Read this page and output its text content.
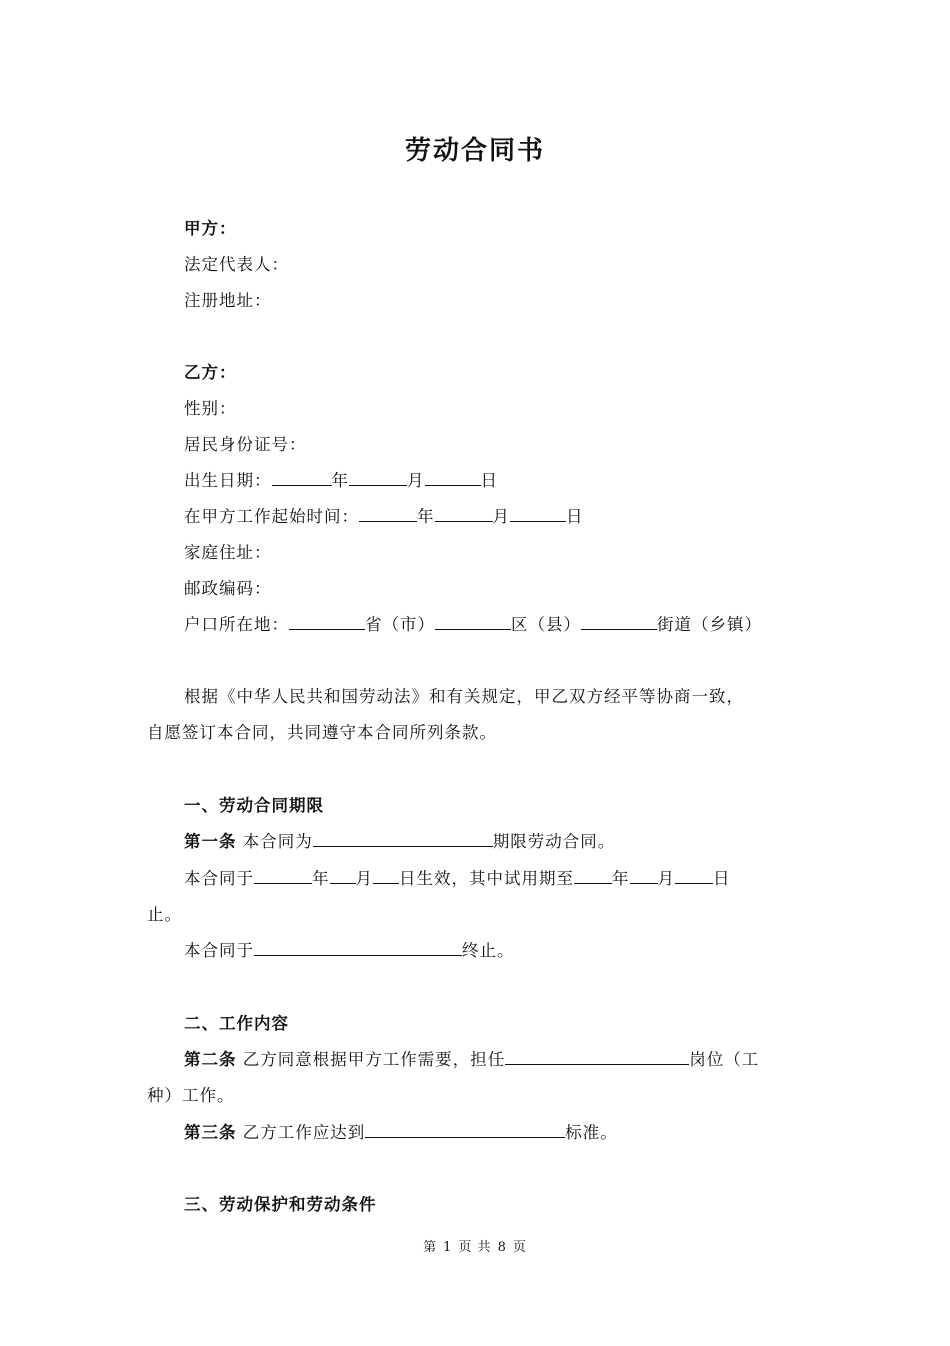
劳动合同书
甲方：
法定代表人：
注册地址：
乙方：
性别：
居民身份证号：
出生日期：	年	月	日
在甲方工作起始时间：	年	月	日
家庭住址：
邮政编码：
户口所在地：	省（市）	区（县）	街道（乡镇）
根据《中华人民共和国劳动法》和有关规定，甲乙双方经平等协商一致，
自愿签订本合同，共同遵守本合同所列条款。
一、劳动合同期限
第一条 本合同为	期限劳动合同。
本合同于	年 月 日生效，其中试用期至 年 月 日
止。
本合同于	终止。
二、工作内容
第二条 乙方同意根据甲方工作需要，担任	岗位（工
种）工作。
第三条 乙方工作应达到	标准。
三、劳动保护和劳动条件
第 1 页 共 8 页
